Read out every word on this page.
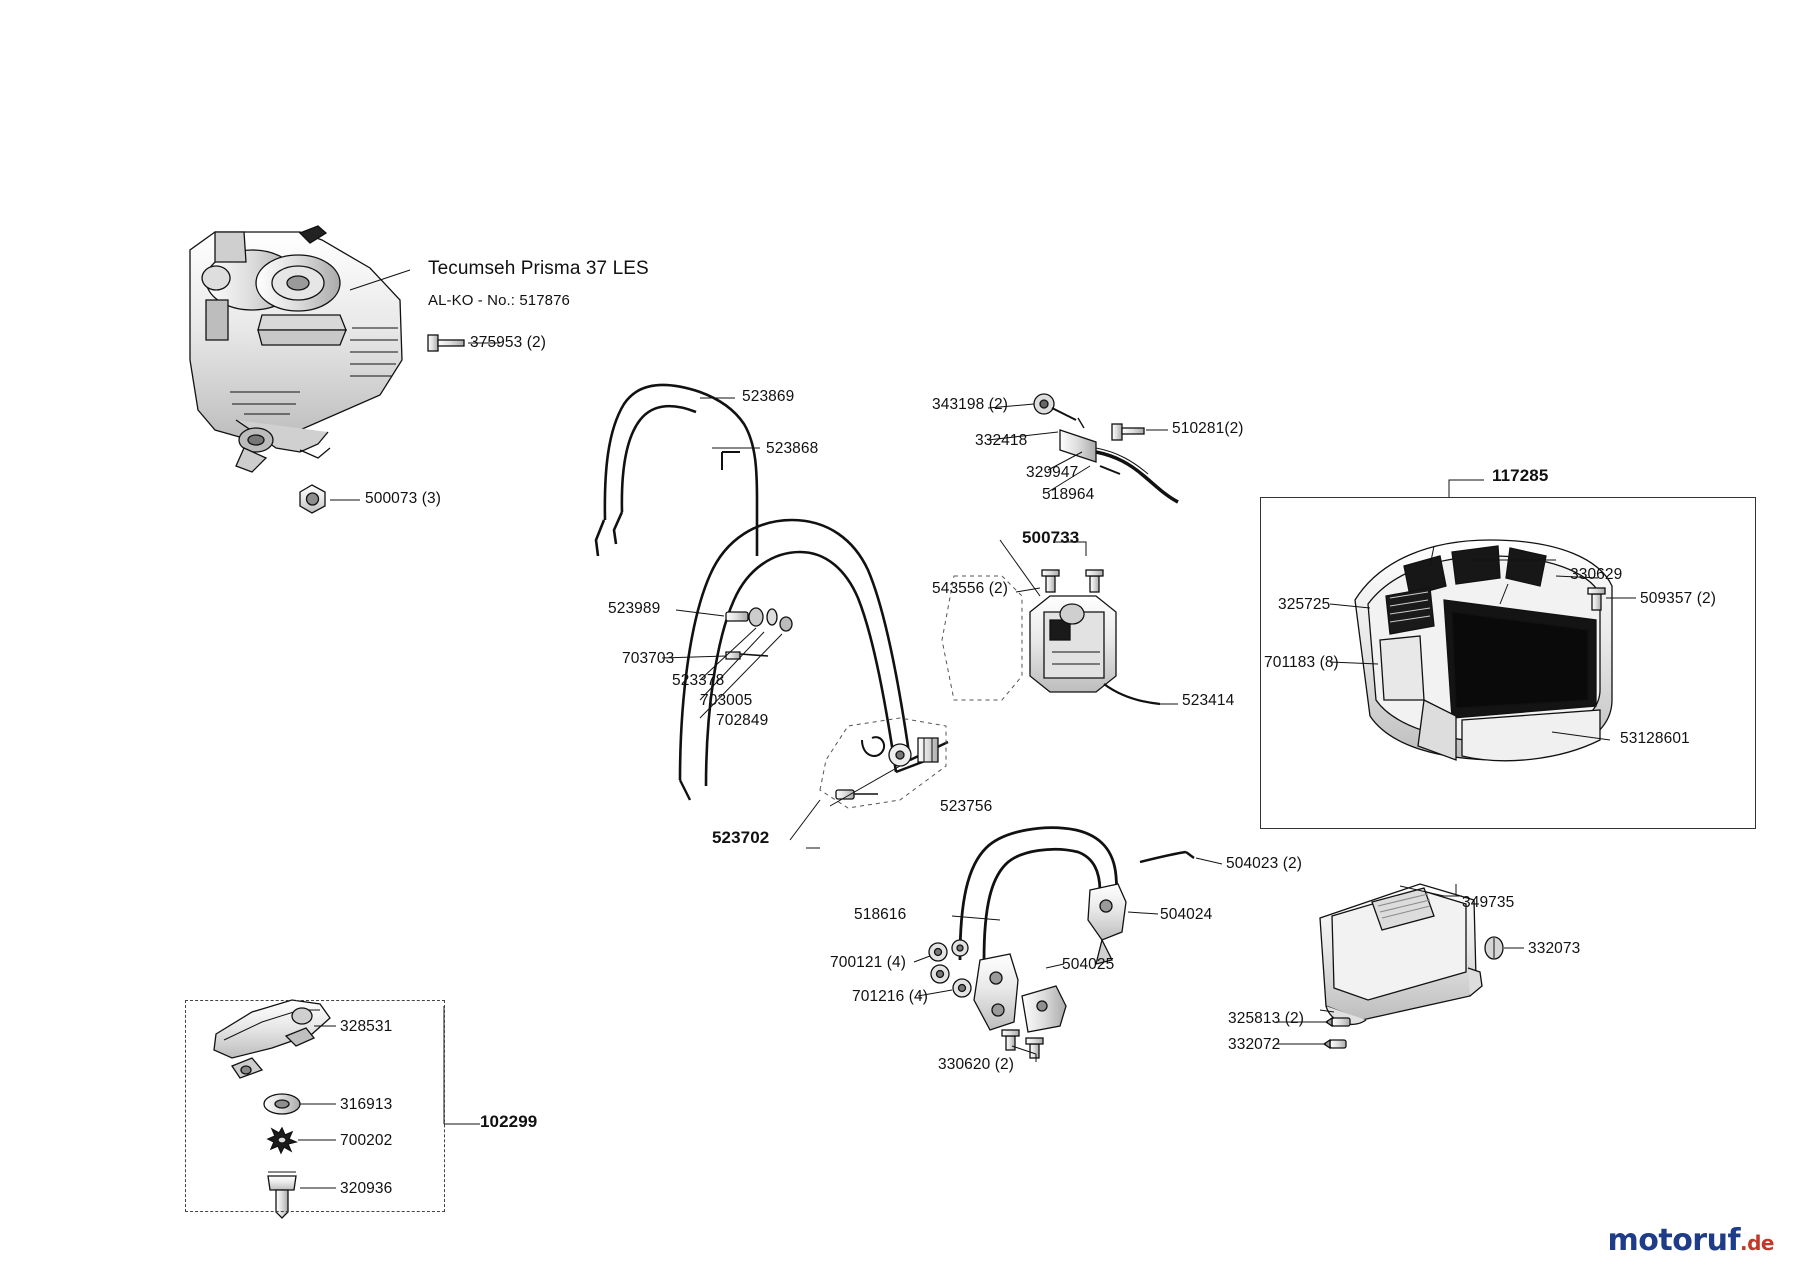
Tecumseh Prisma 37 LES
AL-KO - No.: 517876
375953 (2)
500073 (3)
523869
523868
523989
703703
523378
703005
702849
523756
523702
343198 (2)
332418
329947
518964
510281(2)
500733
543556 (2)
523414
117285
330629
509357 (2)
325725
701183 (8)
53128601
504023 (2)
504024
504025
518616
700121 (4)
701216 (4)
330620 (2)
349735
332073
325813 (2)
332072
328531
316913
700202
320936
102299
motoruf.de
